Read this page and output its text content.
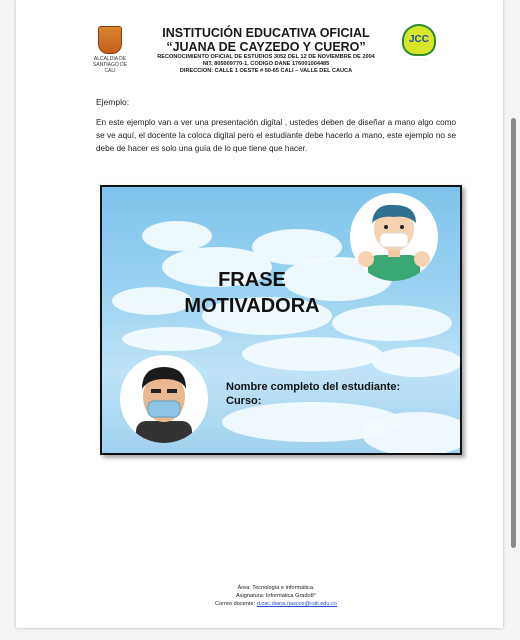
ALCALDIA DE SANTIAGO DE CALI
INSTITUCIÓN EDUCATIVA OFICIAL
“JUANA DE CAYZEDO Y CUERO”
RECONOCIMIENTO OFICIAL DE ESTUDIOS 3052 DEL 12 DE NOVIEMBRE DE 2004
NIT. 805009770-1. CODIGO DANE 176001004485
DIRECCION: CALLE 1 OESTE # 50-65 CALI – VALLE DEL CAUCA
JCC
· · · · · · · ·
Ejemplo:
En este ejemplo van a ver una presentación digital , ustedes deben de diseñar a mano algo como se ve aquí, el docente la coloca digital pero el estudiante debe hacerlo a mano, este ejemplo no se debe de hacer es solo una guía de lo que tiene que hacer.
FRASE
MOTIVADORA
Nombre completo del estudiante:
Curso:
Área: Tecnología e informática.
Asignatura: Informática Grado8°
Correo docente: d.cac.diana.riascos@cali.edu.co
